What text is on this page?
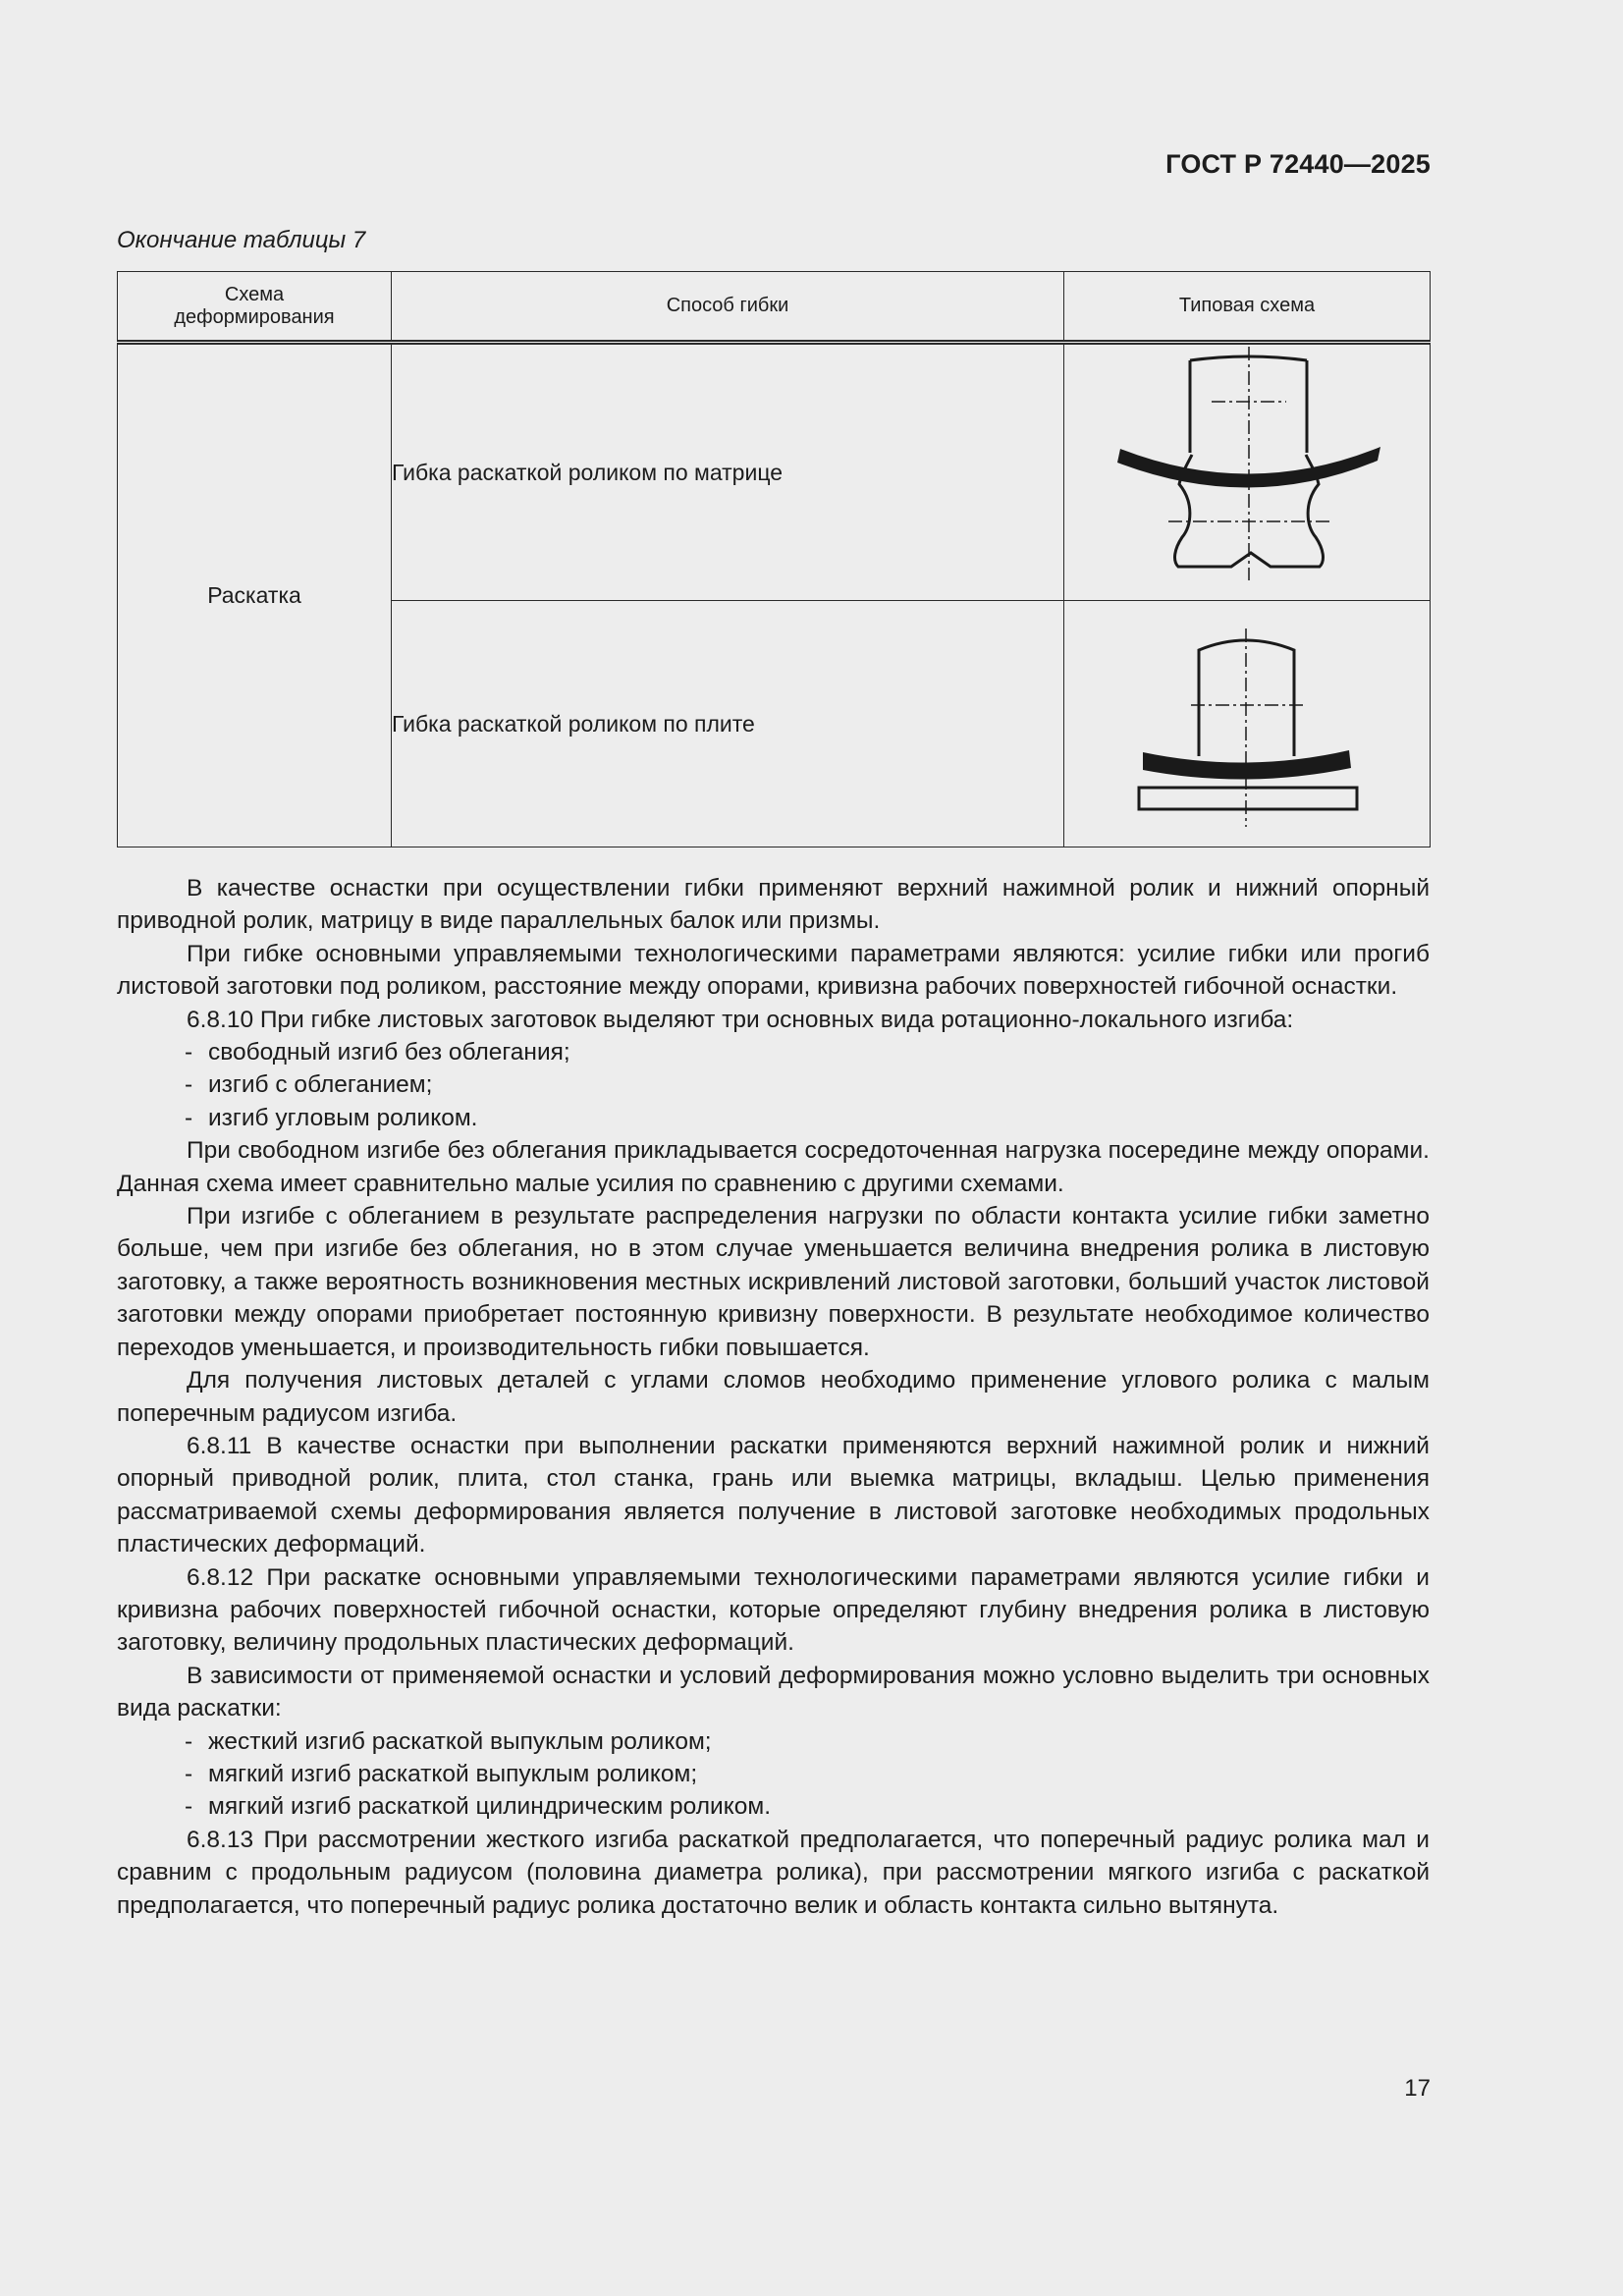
ГОСТ Р 72440—2025
Окончание таблицы 7
Схема деформирования	Способ гибки	Типовая схема
Раскатка	Гибка раскаткой роликом по матрице	
	Гибка раскаткой роликом по плите	

В качестве оснастки при осуществлении гибки применяют верхний нажимной ролик и нижний опорный приводной ролик, матрицу в виде параллельных балок или призмы.

При гибке основными управляемыми технологическими параметрами являются: усилие гибки или прогиб листовой заготовки под роликом, расстояние между опорами, кривизна рабочих поверхностей гибочной оснастки.

6.8.10 При гибке листовых заготовок выделяют три основных вида ротационно-локального изгиба:

- свободный изгиб без облегания;

- изгиб с облеганием;

- изгиб угловым роликом.

При свободном изгибе без облегания прикладывается сосредоточенная нагрузка посередине между опорами. Данная схема имеет сравнительно малые усилия по сравнению с другими схемами.

При изгибе с облеганием в результате распределения нагрузки по области контакта усилие гибки заметно больше, чем при изгибе без облегания, но в этом случае уменьшается величина внедрения ролика в листовую заготовку, а также вероятность возникновения местных искривлений листовой заготовки, больший участок листовой заготовки между опорами приобретает постоянную кривизну поверхности. В результате необходимое количество переходов уменьшается, и производительность гибки повышается.

Для получения листовых деталей с углами сломов необходимо применение углового ролика с малым поперечным радиусом изгиба.

6.8.11 В качестве оснастки при выполнении раскатки применяются верхний нажимной ролик и нижний опорный приводной ролик, плита, стол станка, грань или выемка матрицы, вкладыш. Целью применения рассматриваемой схемы деформирования является получение в листовой заготовке необходимых продольных пластических деформаций.

6.8.12 При раскатке основными управляемыми технологическими параметрами являются усилие гибки и кривизна рабочих поверхностей гибочной оснастки, которые определяют глубину внедрения ролика в листовую заготовку, величину продольных пластических деформаций.

В зависимости от применяемой оснастки и условий деформирования можно условно выделить три основных вида раскатки:

- жесткий изгиб раскаткой выпуклым роликом;

- мягкий изгиб раскаткой выпуклым роликом;

- мягкий изгиб раскаткой цилиндрическим роликом.

6.8.13 При рассмотрении жесткого изгиба раскаткой предполагается, что поперечный радиус ролика мал и сравним с продольным радиусом (половина диаметра ролика), при рассмотрении мягкого изгиба с раскаткой предполагается, что поперечный радиус ролика достаточно велик и область контакта сильно вытянута.

17
